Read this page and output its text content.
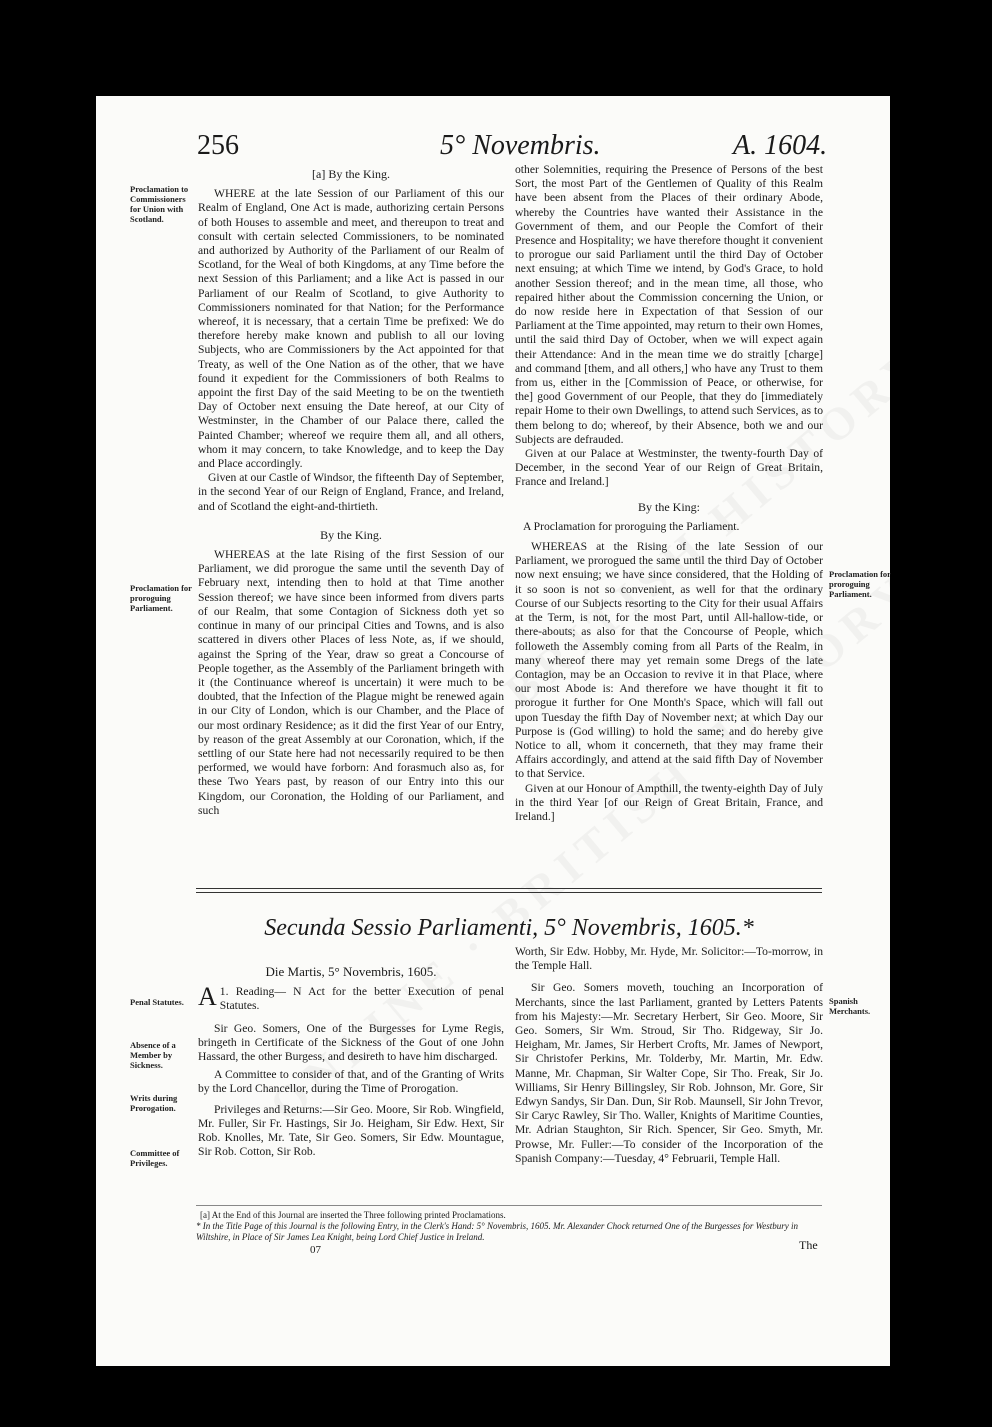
256	5° Novembris.	A. 1604.
Proclamation to Commissioners for Union with Scotland.
Proclamation for proroguing Parliament.
Proclamation for proroguing Parliament.
Penal Statutes.
Absence of a Member by Sickness.
Writs during Prorogation.
Committee of Privileges.
Spanish Merchants.
[a] By the King.

WHERE at the late Session of our Parliament of this our Realm of England, One Act is made, authorizing certain Persons of both Houses to assemble and meet, and thereupon to treat and consult with certain selected Commissioners, to be nominated and authorized by Authority of the Parliament of our Realm of Scotland, for the Weal of both Kingdoms, at any Time before the next Session of this Parliament; and a like Act is passed in our Parliament of our Realm of Scotland, to give Authority to Commissioners nominated for that Nation; for the Performance whereof, it is necessary, that a certain Time be prefixed: We do therefore hereby make known and publish to all our loving Subjects, who are Commissioners by the Act appointed for that Treaty, as well of the One Nation as of the other, that we have found it expedient for the Commissioners of both Realms to appoint the first Day of the said Meeting to be on the twentieth Day of October next ensuing the Date hereof, at our City of Westminster, in the Chamber of our Palace there, called the Painted Chamber; whereof we require them all, and all others, whom it may concern, to take Knowledge, and to keep the Day and Place accordingly.

Given at our Castle of Windsor, the fifteenth Day of September, in the second Year of our Reign of England, France, and Ireland, and of Scotland the eight-and-thirtieth.

By the King.

WHEREAS at the late Rising of the first Session of our Parliament, we did prorogue the same until the seventh Day of February next, intending then to hold at that Time another Session thereof; we have since been informed from divers parts of our Realm, that some Contagion of Sickness doth yet so continue in many of our principal Cities and Towns, and is also scattered in divers other Places of less Note, as, if we should, against the Spring of the Year, draw so great a Concourse of People together, as the Assembly of the Parliament bringeth with it (the Continuance whereof is uncertain) it were much to be doubted, that the Infection of the Plague might be renewed again in our City of London, which is our Chamber, and the Place of our most ordinary Residence; as it did the first Year of our Entry, by reason of the great Assembly at our Coronation, which, if the settling of our State here had not necessarily required to be then performed, we would have forborn: And forasmuch also as, for these Two Years past, by reason of our Entry into this our Kingdom, our Coronation, the Holding of our Parliament, and such

other Solemnities, requiring the Presence of Persons of the best Sort, the most Part of the Gentlemen of Quality of this Realm have been absent from the Places of their ordinary Abode, whereby the Countries have wanted their Assistance in the Government of them, and our People the Comfort of their Presence and Hospitality; we have therefore thought it convenient to prorogue our said Parliament until the third Day of October next ensuing; at which Time we intend, by God's Grace, to hold another Session thereof; and in the mean time, all those, who repaired hither about the Commission concerning the Union, or do now reside here in Expectation of that Session of our Parliament at the Time appointed, may return to their own Homes, until the said third Day of October, when we will expect again their Attendance: And in the mean time we do straitly [charge] and command [them, and all others,] who have any Trust to them from us, either in the [Commission of Peace, or otherwise, for the] good Government of our People, that they do [immediately repair Home to their own Dwellings, to attend such Services, as to them belong to do; whereof, by their Absence, both we and our Subjects are defrauded.

Given at our Palace at Westminster, the twenty-fourth Day of December, in the second Year of our Reign of Great Britain, France and Ireland.]

By the King:

A Proclamation for proroguing the Parliament.

WHEREAS at the Rising of the late Session of our Parliament, we prorogued the same until the third Day of October now next ensuing; we have since considered, that the Holding of it so soon is not so convenient, as well for that the ordinary Course of our Subjects resorting to the City for their usual Affairs at the Term, is not, for the most Part, until All-hallow-tide, or there-abouts; as also for that the Concourse of People, which followeth the Assembly coming from all Parts of the Realm, in many whereof there may yet remain some Dregs of the late Contagion, may be an Occasion to revive it in that Place, where our most Abode is: And therefore we have thought it fit to prorogue it further for One Month's Space, which will fall out upon Tuesday the fifth Day of November next; at which Day our Purpose is (God willing) to hold the same; and do hereby give Notice to all, whom it concerneth, that they may frame their Affairs accordingly, and attend at the said fifth Day of November to that Service.

Given at our Honour of Ampthill, the twenty-eighth Day of July in the third Year [of our Reign of Great Britain, France, and Ireland.]

Secunda Sessio Parliamenti, 5° Novembris, 1605.*

Die Martis, 5° Novembris, 1605.

1. Reading—
A	N Act for the better Execution of penal Statutes.

Sir Geo. Somers, One of the Burgesses for Lyme Regis, bringeth in Certificate of the Sickness of the Gout of one John Hassard, the other Burgess, and desireth to have him discharged.

A Committee to consider of that, and of the Granting of Writs by the Lord Chancellor, during the Time of Prorogation.

Privileges and Returns:—Sir Geo. Moore, Sir Rob. Wingfield, Mr. Fuller, Sir Fr. Hastings, Sir Jo. Heigham, Sir Edw. Hext, Sir Rob. Knolles, Mr. Tate, Sir Geo. Somers, Sir Edw. Mountague, Sir Rob. Cotton, Sir Rob.

Worth, Sir Edw. Hobby, Mr. Hyde, Mr. Solicitor:—To-morrow, in the Temple Hall.

Sir Geo. Somers moveth, touching an Incorporation of Merchants, since the last Parliament, granted by Letters Patents from his Majesty:—Mr. Secretary Herbert, Sir Geo. Moore, Sir Geo. Somers, Sir Wm. Stroud, Sir Tho. Ridgeway, Sir Jo. Heigham, Mr. James, Sir Herbert Crofts, Mr. James of Newport, Sir Christofer Perkins, Mr. Tolderby, Mr. Martin, Mr. Edw. Manne, Mr. Chapman, Sir Walter Cope, Sir Tho. Freak, Sir Jo. Williams, Sir Henry Billingsley, Sir Rob. Johnson, Mr. Gore, Sir Edwyn Sandys, Sir Dan. Dun, Sir Rob. Maunsell, Sir John Trevor, Sir Caryc Rawley, Sir Tho. Waller, Knights of Maritime Counties, Mr. Adrian Staughton, Sir Rich. Spencer, Sir Geo. Smyth, Mr. Prowse, Mr. Fuller:—To consider of the Incorporation of the Spanish Company:—Tuesday, 4° Februarii, Temple Hall.

[a] At the End of this Journal are inserted the Three following printed Proclamations.
* In the Title Page of this Journal is the following Entry, in the Clerk's Hand: 5° Novembris, 1605. Mr. Alexander Chock returned One of the Burgesses for Westbury in Wiltshire, in Place of Sir James Lea Knight, being Lord Chief Justice in Ireland.
07	The
